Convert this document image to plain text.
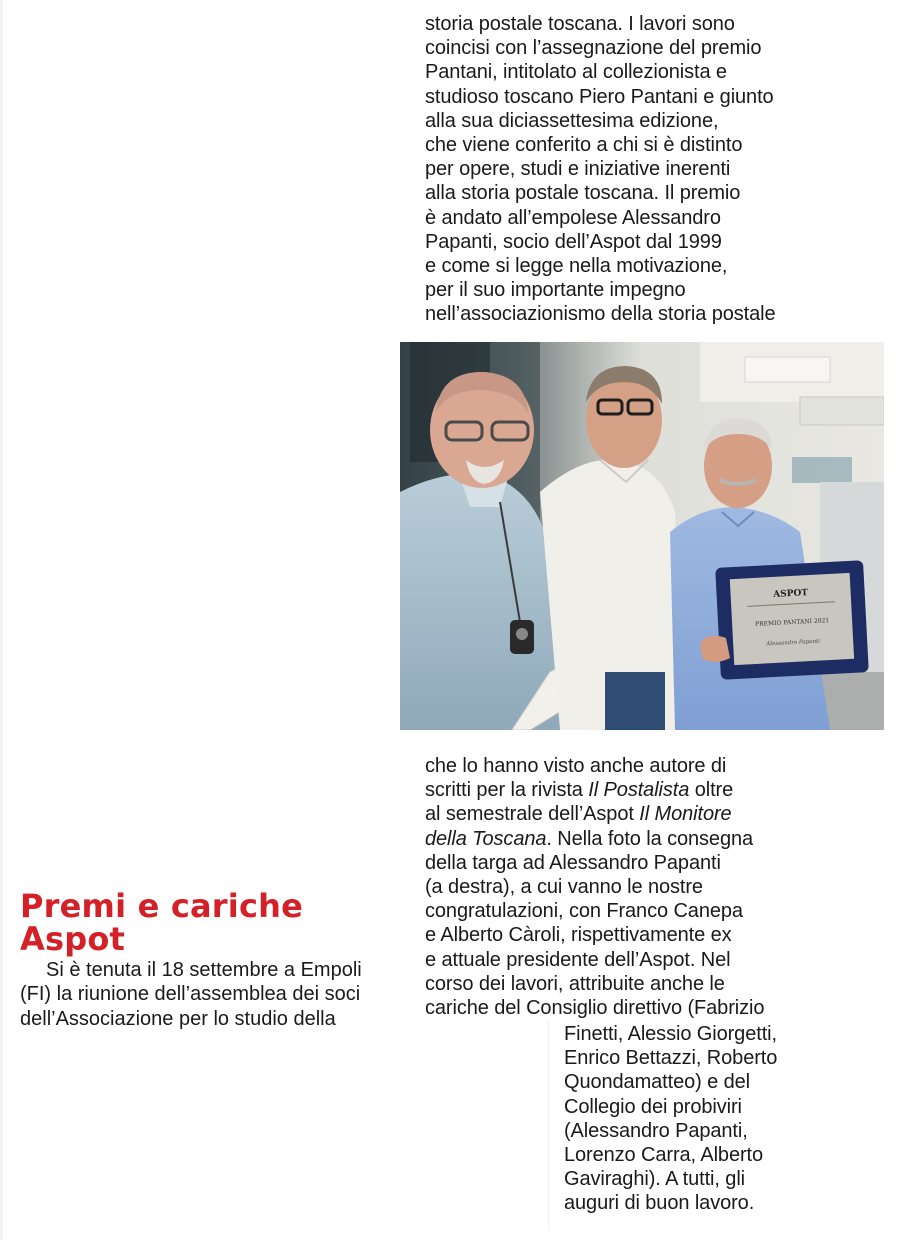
storia postale toscana. I lavori sono
coincisi con l’assegnazione del premio
Pantani, intitolato al collezionista e
studioso toscano Piero Pantani e giunto
alla sua diciassettesima edizione,
che viene conferito a chi si è distinto
per opere, studi e iniziative inerenti
alla storia postale toscana. Il premio
è andato all’empolese Alessandro
Papanti, socio dell’Aspot dal 1999
e come si legge nella motivazione,
per il suo importante impegno
nell’associazionismo della storia postale

ASPOT
PREMIO PANTANI 2021
Alessandro Papanti

che lo hanno visto anche autore di
scritti per la rivista Il Postalista oltre
al semestrale dell’Aspot Il Monitore
della Toscana. Nella foto la consegna
della targa ad Alessandro Papanti
(a destra), a cui vanno le nostre
congratulazioni, con Franco Canepa
e Alberto Càroli, rispettivamente ex
e attuale presidente dell’Aspot. Nel
corso dei lavori, attribuite anche le
cariche del Consiglio direttivo (Fabrizio

Premi e cariche Aspot

Si è tenuta il 18 settembre a Empoli (FI) la riunione dell’assemblea dei soci dell’Associazione per lo studio della

Finetti, Alessio Giorgetti,
Enrico Bettazzi, Roberto
Quondamatteo) e del
Collegio dei probiviri
(Alessandro Papanti,
Lorenzo Carra, Alberto
Gaviraghi). A tutti, gli
auguri di buon lavoro.
